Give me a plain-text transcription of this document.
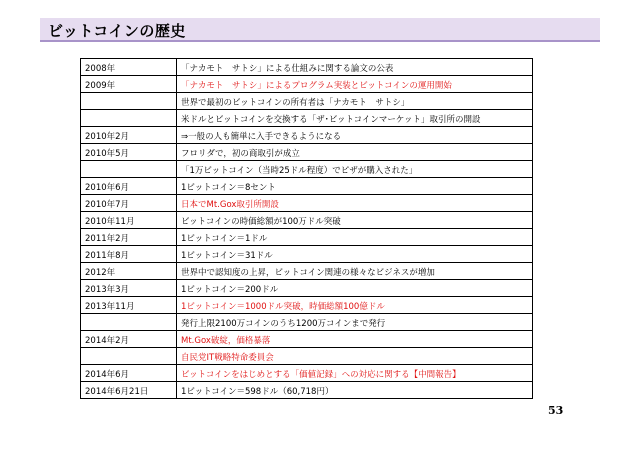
ビットコインの歴史
2008年	「ナカモト　サトシ」による仕組みに関する論文の公表
2009年	「ナカモト　サトシ」によるプログラム実装とビットコインの運用開始
	世界で最初のビットコインの所有者は「ナカモト　サトシ」
	米ドルとビットコインを交換する「ザ･ビットコインマーケット」取引所の開設
2010年2月	⇒一般の人も簡単に入手できるようになる
2010年5月	フロリダで，初の商取引が成立
	「1万ビットコイン（当時25ドル程度）でピザが購入された」
2010年6月	1ビットコイン＝8セント
2010年7月	日本でMt.Gox取引所開設
2010年11月	ビットコインの時価総額が100万ドル突破
2011年2月	1ビットコイン＝1ドル
2011年8月	1ビットコイン＝31ドル
2012年	世界中で認知度の上昇，ビットコイン関連の様々なビジネスが増加
2013年3月	1ビットコイン＝200ドル
2013年11月	1ビットコイン＝1000ドル突破，時価総額100億ドル
	発行上限2100万コインのうち1200万コインまで発行
2014年2月	Mt.Gox破綻，価格暴落
	自民党IT戦略特命委員会
2014年6月	ビットコインをはじめとする「価値記録」への対応に関する【中間報告】
2014年6月21日	1ビットコイン＝598ドル（60,718円）
53
